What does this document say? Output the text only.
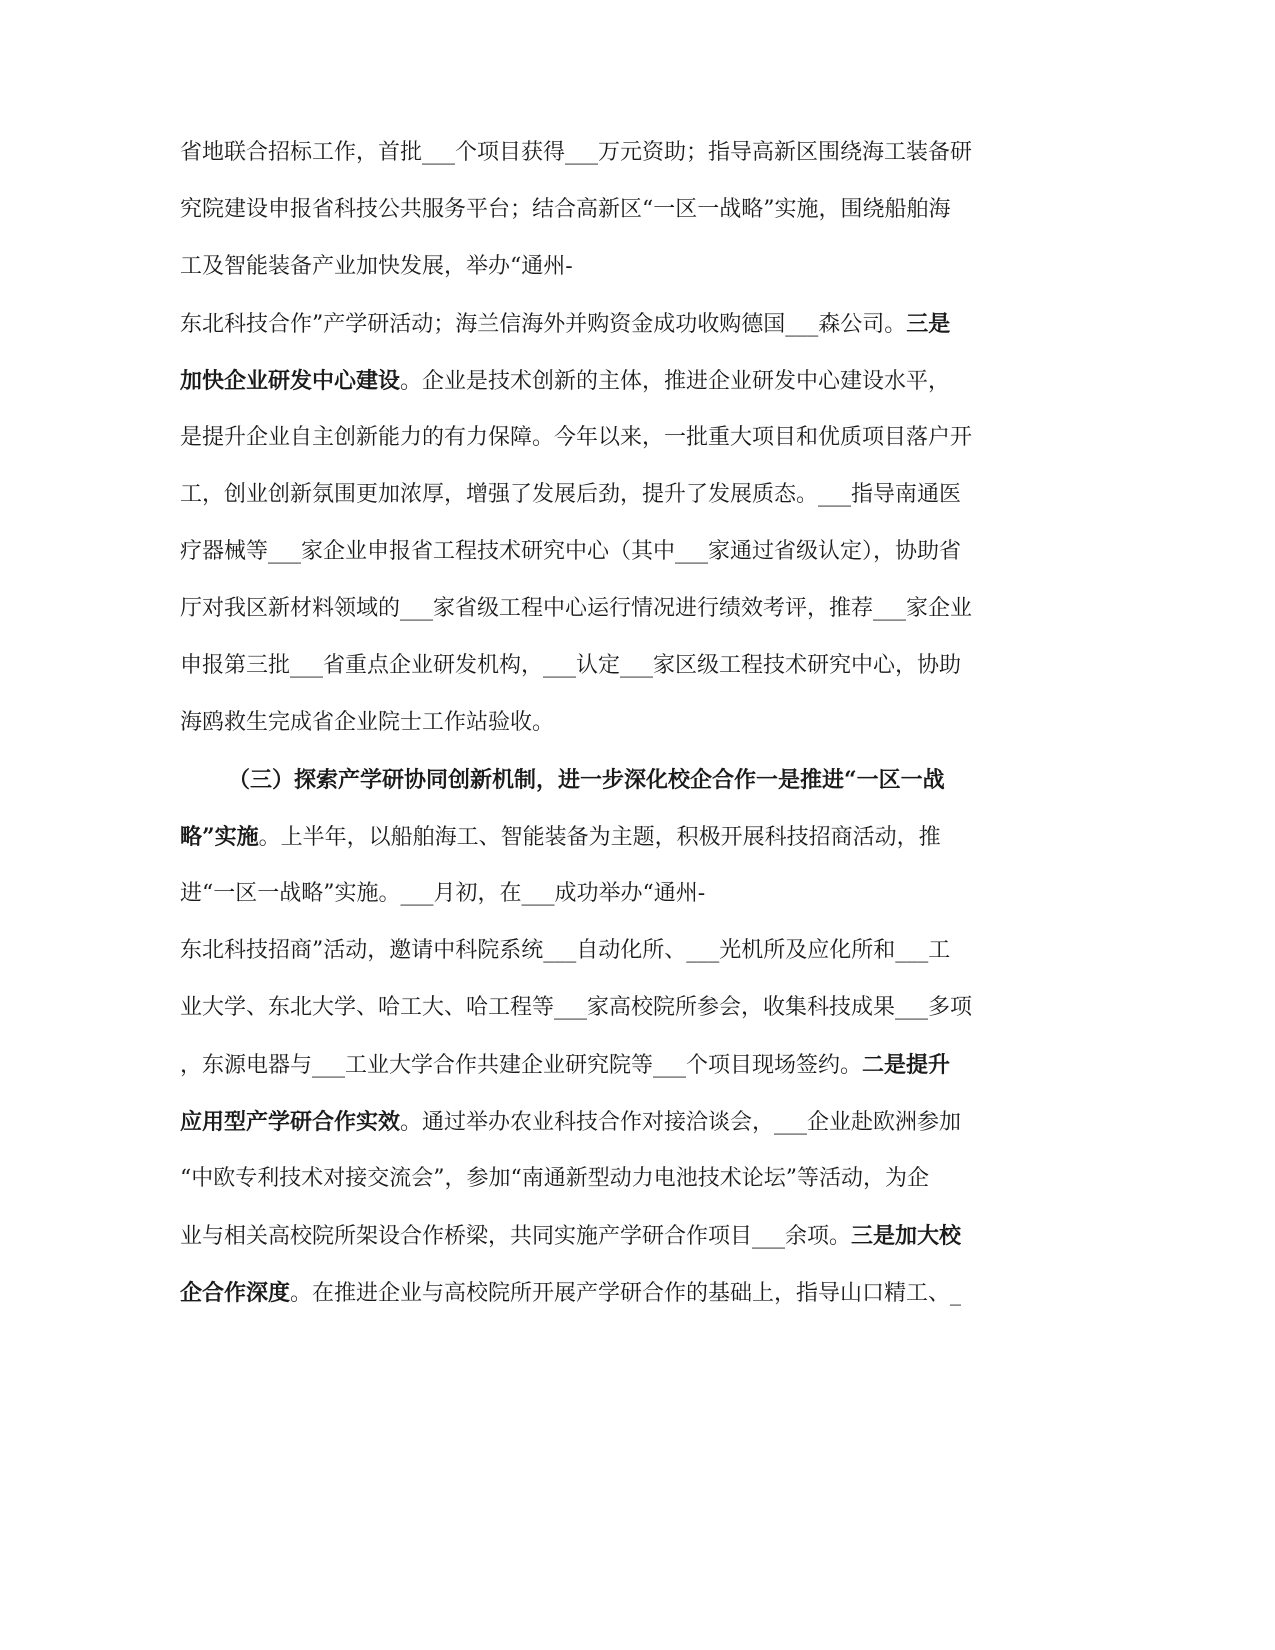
省地联合招标工作，首批___个项目获得___万元资助；指导高新区围绕海工装备研
究院建设申报省科技公共服务平台；结合高新区“一区一战略”实施，围绕船舶海
工及智能装备产业加快发展，举办“通州-
东北科技合作”产学研活动；海兰信海外并购资金成功收购德国___森公司。三是
加快企业研发中心建设。企业是技术创新的主体，推进企业研发中心建设水平，
是提升企业自主创新能力的有力保障。今年以来，一批重大项目和优质项目落户开
工，创业创新氛围更加浓厚，增强了发展后劲，提升了发展质态。___指导南通医
疗器械等___家企业申报省工程技术研究中心（其中___家通过省级认定），协助省
厅对我区新材料领域的___家省级工程中心运行情况进行绩效考评，推荐___家企业
申报第三批___省重点企业研发机构，___认定___家区级工程技术研究中心，协助
海鸥救生完成省企业院士工作站验收。
（三）探索产学研协同创新机制，进一步深化校企合作一是推进“一区一战
略”实施。上半年，以船舶海工、智能装备为主题，积极开展科技招商活动，推
进“一区一战略”实施。___月初，在___成功举办“通州-
东北科技招商”活动，邀请中科院系统___自动化所、___光机所及应化所和___工
业大学、东北大学、哈工大、哈工程等___家高校院所参会，收集科技成果___多项
，东源电器与___工业大学合作共建企业研究院等___个项目现场签约。二是提升
应用型产学研合作实效。通过举办农业科技合作对接洽谈会，___企业赴欧洲参加
“中欧专利技术对接交流会”，参加“南通新型动力电池技术论坛”等活动，为企
业与相关高校院所架设合作桥梁，共同实施产学研合作项目___余项。三是加大校
企合作深度。在推进企业与高校院所开展产学研合作的基础上，指导山口精工、_
